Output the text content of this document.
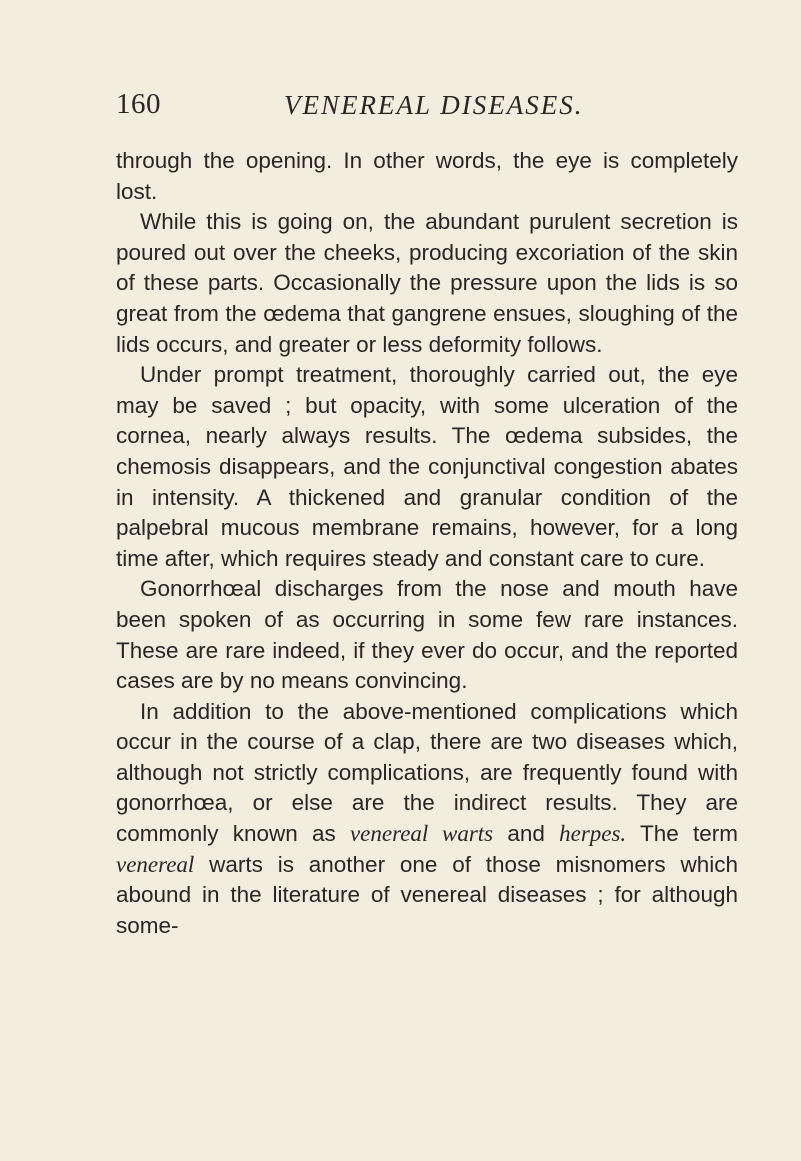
160	VENEREAL DISEASES.

through the opening. In other words, the eye is completely lost.

While this is going on, the abundant purulent secretion is poured out over the cheeks, producing excoriation of the skin of these parts. Occasionally the pressure upon the lids is so great from the œdema that gangrene ensues, sloughing of the lids occurs, and greater or less deformity follows.

Under prompt treatment, thoroughly carried out, the eye may be saved ; but opacity, with some ulceration of the cornea, nearly always results. The œdema subsides, the chemosis disappears, and the conjunctival congestion abates in intensity. A thickened and granular condition of the palpebral mucous membrane remains, however, for a long time after, which requires steady and constant care to cure.

Gonorrhœal discharges from the nose and mouth have been spoken of as occurring in some few rare instances. These are rare indeed, if they ever do occur, and the reported cases are by no means convincing.

In addition to the above-mentioned complications which occur in the course of a clap, there are two diseases which, although not strictly complications, are frequently found with gonorrhœa, or else are the indirect results. They are commonly known as venereal warts and herpes. The term venereal warts is another one of those misnomers which abound in the literature of venereal diseases ; for although some-
